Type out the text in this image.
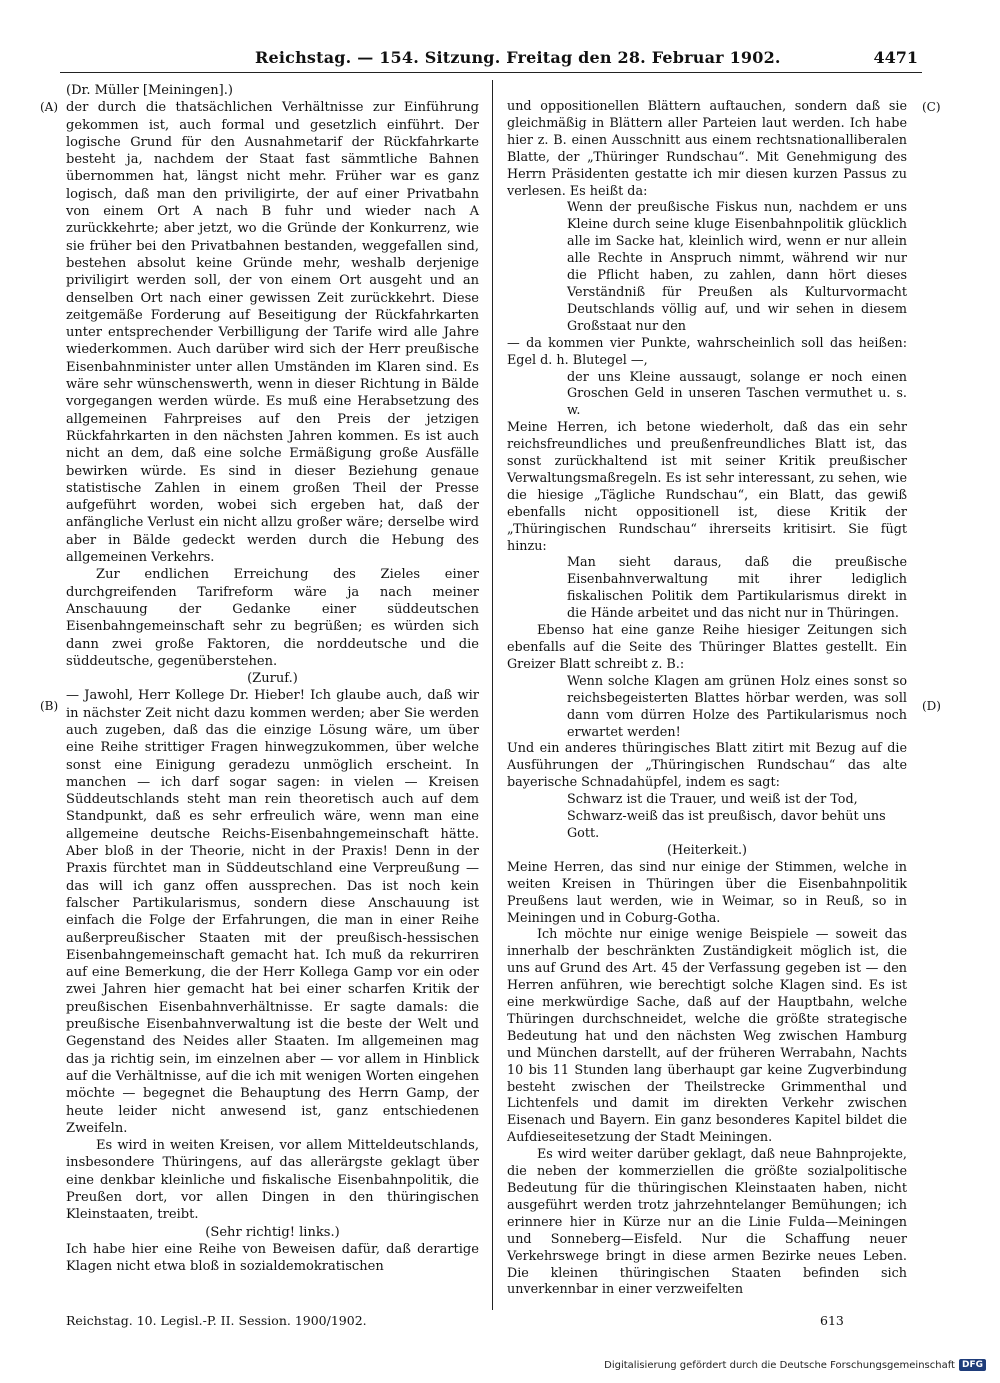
Reichstag. — 154. Sitzung. Freitag den 28. Februar 1902.	4471
(A)
(B)
(C)
(D)

(Dr. Müller [Meiningen].)

der durch die thatsächlichen Verhältnisse zur Einführung gekommen ist, auch formal und gesetzlich einführt. Der logische Grund für den Ausnahmetarif der Rückfahrkarte besteht ja, nachdem der Staat fast sämmtliche Bahnen übernommen hat, längst nicht mehr. Früher war es ganz logisch, daß man den priviligirte, der auf einer Privatbahn von einem Ort A nach B fuhr und wieder nach A zurückkehrte; aber jetzt, wo die Gründe der Konkurrenz, wie sie früher bei den Privatbahnen bestanden, weggefallen sind, bestehen absolut keine Gründe mehr, weshalb derjenige priviligirt werden soll, der von einem Ort ausgeht und an denselben Ort nach einer gewissen Zeit zurückkehrt. Diese zeitgemäße Forderung auf Beseitigung der Rückfahrkarten unter entsprechender Verbilligung der Tarife wird alle Jahre wiederkommen. Auch darüber wird sich der Herr preußische Eisenbahnminister unter allen Umständen im Klaren sind. Es wäre sehr wünschenswerth, wenn in dieser Richtung in Bälde vorgegangen werden würde. Es muß eine Herabsetzung des allgemeinen Fahrpreises auf den Preis der jetzigen Rückfahrkarten in den nächsten Jahren kommen. Es ist auch nicht an dem, daß eine solche Ermäßigung große Ausfälle bewirken würde. Es sind in dieser Beziehung genaue statistische Zahlen in einem großen Theil der Presse aufgeführt worden, wobei sich ergeben hat, daß der anfängliche Verlust ein nicht allzu großer wäre; derselbe wird aber in Bälde gedeckt werden durch die Hebung des allgemeinen Verkehrs.

Zur endlichen Erreichung des Zieles einer durchgreifenden Tarifreform wäre ja nach meiner Anschauung der Gedanke einer süddeutschen Eisenbahngemeinschaft sehr zu begrüßen; es würden sich dann zwei große Faktoren, die norddeutsche und die süddeutsche, gegenüberstehen.

(Zuruf.)

— Jawohl, Herr Kollege Dr. Hieber! Ich glaube auch, daß wir in nächster Zeit nicht dazu kommen werden; aber Sie werden auch zugeben, daß das die einzige Lösung wäre, um über eine Reihe strittiger Fragen hinwegzukommen, über welche sonst eine Einigung geradezu unmöglich erscheint. In manchen — ich darf sogar sagen: in vielen — Kreisen Süddeutschlands steht man rein theoretisch auch auf dem Standpunkt, daß es sehr erfreulich wäre, wenn man eine allgemeine deutsche Reichs-Eisenbahngemeinschaft hätte. Aber bloß in der Theorie, nicht in der Praxis! Denn in der Praxis fürchtet man in Süddeutschland eine Verpreußung — das will ich ganz offen aussprechen. Das ist noch kein falscher Partikularismus, sondern diese Anschauung ist einfach die Folge der Erfahrungen, die man in einer Reihe außerpreußischer Staaten mit der preußisch-hessischen Eisenbahngemeinschaft gemacht hat. Ich muß da rekurriren auf eine Bemerkung, die der Herr Kollega Gamp vor ein oder zwei Jahren hier gemacht hat bei einer scharfen Kritik der preußischen Eisenbahnverhältnisse. Er sagte damals: die preußische Eisenbahnverwaltung ist die beste der Welt und Gegenstand des Neides aller Staaten. Im allgemeinen mag das ja richtig sein, im einzelnen aber — vor allem in Hinblick auf die Verhältnisse, auf die ich mit wenigen Worten eingehen möchte — begegnet die Behauptung des Herrn Gamp, der heute leider nicht anwesend ist, ganz entschiedenen Zweifeln.

Es wird in weiten Kreisen, vor allem Mitteldeutschlands, insbesondere Thüringens, auf das allerärgste geklagt über eine denkbar kleinliche und fiskalische Eisenbahnpolitik, die Preußen dort, vor allen Dingen in den thüringischen Kleinstaaten, treibt.

(Sehr richtig! links.)

Ich habe hier eine Reihe von Beweisen dafür, daß derartige Klagen nicht etwa bloß in sozialdemokratischen

und oppositionellen Blättern auftauchen, sondern daß sie gleichmäßig in Blättern aller Parteien laut werden. Ich habe hier z. B. einen Ausschnitt aus einem rechtsnationalliberalen Blatte, der „Thüringer Rundschau“. Mit Genehmigung des Herrn Präsidenten gestatte ich mir diesen kurzen Passus zu verlesen. Es heißt da:

Wenn der preußische Fiskus nun, nachdem er uns Kleine durch seine kluge Eisenbahnpolitik glücklich alle im Sacke hat, kleinlich wird, wenn er nur allein alle Rechte in Anspruch nimmt, während wir nur die Pflicht haben, zu zahlen, dann hört dieses Verständniß für Preußen als Kulturvormacht Deutschlands völlig auf, und wir sehen in diesem Großstaat nur den

— da kommen vier Punkte, wahrscheinlich soll das heißen: Egel d. h. Blutegel —,

der uns Kleine aussaugt, solange er noch einen Groschen Geld in unseren Taschen vermuthet u. s. w.

Meine Herren, ich betone wiederholt, daß das ein sehr reichsfreundliches und preußenfreundliches Blatt ist, das sonst zurückhaltend ist mit seiner Kritik preußischer Verwaltungsmaßregeln. Es ist sehr interessant, zu sehen, wie die hiesige „Tägliche Rundschau“, ein Blatt, das gewiß ebenfalls nicht oppositionell ist, diese Kritik der „Thüringischen Rundschau“ ihrerseits kritisirt. Sie fügt hinzu:

Man sieht daraus, daß die preußische Eisenbahnverwaltung mit ihrer lediglich fiskalischen Politik dem Partikularismus direkt in die Hände arbeitet und das nicht nur in Thüringen.

Ebenso hat eine ganze Reihe hiesiger Zeitungen sich ebenfalls auf die Seite des Thüringer Blattes gestellt. Ein Greizer Blatt schreibt z. B.:

Wenn solche Klagen am grünen Holz eines sonst so reichsbegeisterten Blattes hörbar werden, was soll dann vom dürren Holze des Partikularismus noch erwartet werden!

Und ein anderes thüringisches Blatt zitirt mit Bezug auf die Ausführungen der „Thüringischen Rundschau“ das alte bayerische Schnadahüpfel, indem es sagt:

Schwarz ist die Trauer, und weiß ist der Tod, Schwarz-weiß das ist preußisch, davor behüt uns Gott.

(Heiterkeit.)

Meine Herren, das sind nur einige der Stimmen, welche in weiten Kreisen in Thüringen über die Eisenbahnpolitik Preußens laut werden, wie in Weimar, so in Reuß, so in Meiningen und in Coburg-Gotha.

Ich möchte nur einige wenige Beispiele — soweit das innerhalb der beschränkten Zuständigkeit möglich ist, die uns auf Grund des Art. 45 der Verfassung gegeben ist — den Herren anführen, wie berechtigt solche Klagen sind. Es ist eine merkwürdige Sache, daß auf der Hauptbahn, welche Thüringen durchschneidet, welche die größte strategische Bedeutung hat und den nächsten Weg zwischen Hamburg und München darstellt, auf der früheren Werrabahn, Nachts 10 bis 11 Stunden lang überhaupt gar keine Zugverbindung besteht zwischen der Theilstrecke Grimmenthal und Lichtenfels und damit im direkten Verkehr zwischen Eisenach und Bayern. Ein ganz besonderes Kapitel bildet die Aufdieseitesetzung der Stadt Meiningen.

Es wird weiter darüber geklagt, daß neue Bahnprojekte, die neben der kommerziellen die größte sozialpolitische Bedeutung für die thüringischen Kleinstaaten haben, nicht ausgeführt werden trotz jahrzehntelanger Bemühungen; ich erinnere hier in Kürze nur an die Linie Fulda—Meiningen und Sonneberg—Eisfeld. Nur die Schaffung neuer Verkehrswege bringt in diese armen Bezirke neues Leben. Die kleinen thüringischen Staaten befinden sich unverkennbar in einer verzweifelten

Reichstag. 10. Legisl.-P. II. Session. 1900/1902.	613
Digitalisierung gefördert durch die Deutsche Forschungsgemeinschaft DFG
